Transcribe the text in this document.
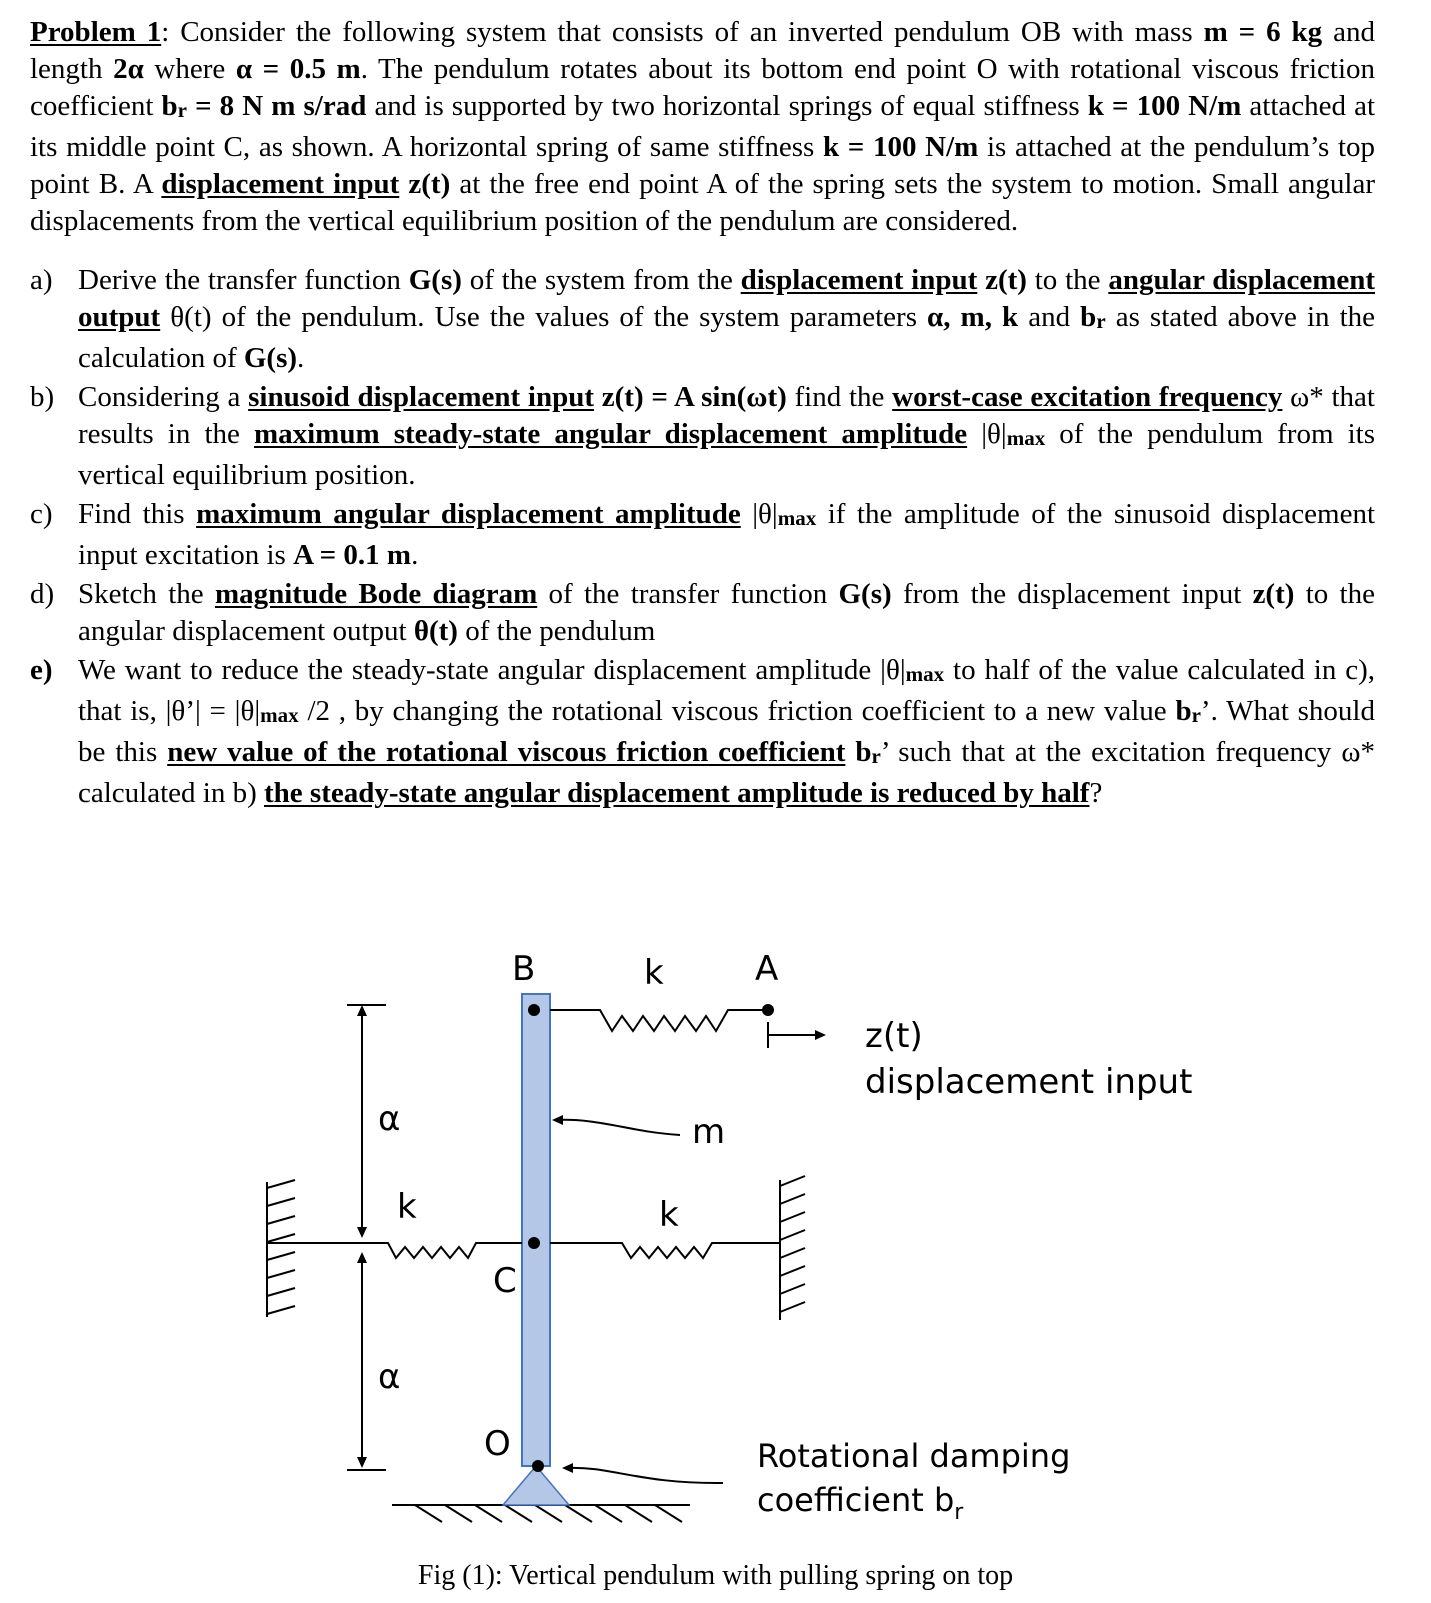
Problem 1: Consider the following system that consists of an inverted pendulum OB with mass m = 6 kg and length 2α where α = 0.5 m. The pendulum rotates about its bottom end point O with rotational viscous friction coefficient br = 8 N m s/rad and is supported by two horizontal springs of equal stiffness k = 100 N/m attached at its middle point C, as shown. A horizontal spring of same stiffness k = 100 N/m is attached at the pendulum’s top point B. A displacement input z(t) at the free end point A of the spring sets the system to motion. Small angular displacements from the vertical equilibrium position of the pendulum are considered.

a) Derive the transfer function G(s) of the system from the displacement input z(t) to the angular displacement output θ(t) of the pendulum. Use the values of the system parameters α, m, k and br as stated above in the calculation of G(s).
b) Considering a sinusoid displacement input z(t) = A sin(ωt) find the worst-case excitation frequency ω* that results in the maximum steady-state angular displacement amplitude |θ|max of the pendulum from its vertical equilibrium position.
c) Find this maximum angular displacement amplitude |θ|max if the amplitude of the sinusoid displacement input excitation is A = 0.1 m.
d) Sketch the magnitude Bode diagram of the transfer function G(s) from the displacement input z(t) to the angular displacement output θ(t) of the pendulum
e) We want to reduce the steady-state angular displacement amplitude |θ|max to half of the value calculated in c), that is, |θ’| = |θ|max /2 , by changing the rotational viscous friction coefficient to a new value br’. What should be this new value of the rotational viscous friction coefficient br’ such that at the excitation frequency ω* calculated in b) the steady-state angular displacement amplitude is reduced by half?
B	k	A
α	m
k	k
C
α
O
z(t)
displacement input
Rotational damping
coefficient $b_r$
Fig (1): Vertical pendulum with pulling spring on top
